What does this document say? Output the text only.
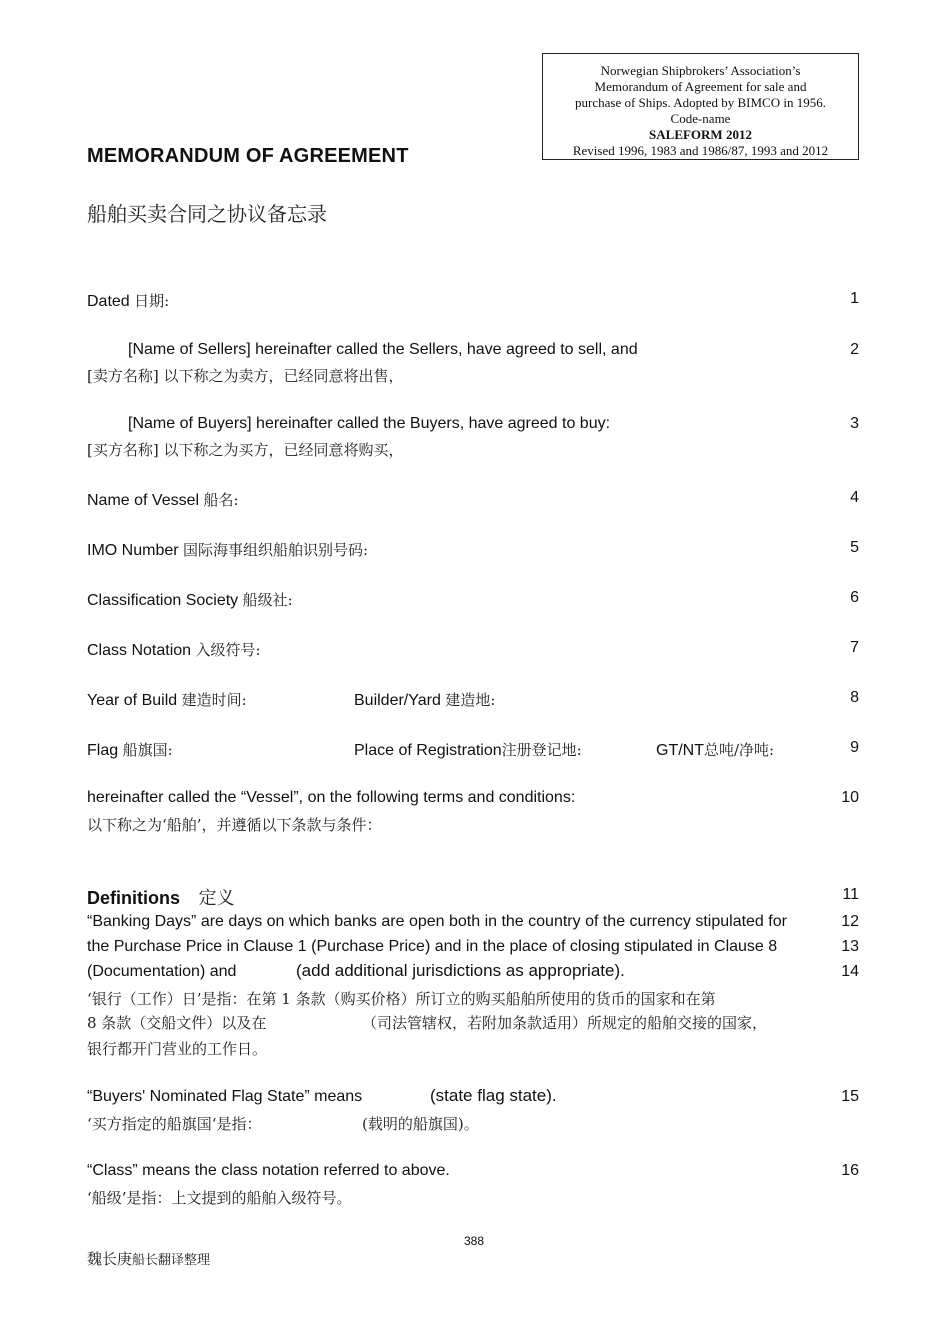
Norwegian Shipbrokers’ Association’s
Memorandum of Agreement for sale and
purchase of Ships. Adopted by BIMCO in 1956.
Code-name
SALEFORM 2012
Revised 1996, 1983 and 1986/87, 1993 and 2012
MEMORANDUM OF AGREEMENT
船舶买卖合同之协议备忘录
Dated 日期:	1
[Name of Sellers] hereinafter called the Sellers, have agreed to sell, and
[卖方名称] 以下称之为卖方，已经同意将出售，
2
[Name of Buyers] hereinafter called the Buyers, have agreed to buy:
[买方名称] 以下称之为买方，已经同意将购买，
3
Name of Vessel 船名:	4
IMO Number 国际海事组织船舶识别号码:	5
Classification Society 船级社:	6
Class Notation 入级符号:	7
Year of Build 建造时间:	Builder/Yard 建造地:	8
Flag 船旗国:	Place of Registration注册登记地:	GT/NT总吨/净吨:	9
hereinafter called the “Vessel”, on the following terms and conditions:
以下称之为‘船舶’，并遵循以下条款与条件：
10
Definitions 定义	11
“Banking Days” are days on which banks are open both in the country of the currency stipulated for	12
the Purchase Price in Clause 1 (Purchase Price) and in the place of closing stipulated in Clause 8	13
(Documentation) and	(add additional jurisdictions as appropriate).	14
‘银行（工作）日’是指：在第 1 条款（购买价格）所订立的购买船舶所使用的货币的国家和在第
8 条款（交船文件）以及在	（司法管辖权，若附加条款适用）所规定的船舶交接的国家，
银行都开门营业的工作日。
“Buyers' Nominated Flag State” means	(state flag state).	15
‘买方指定的船旗国‘是指：	(载明的船旗国)。
“Class” means the class notation referred to above.	16
‘船级’是指：上文提到的船舶入级符号。
388
魏长庚船长翻译整理
